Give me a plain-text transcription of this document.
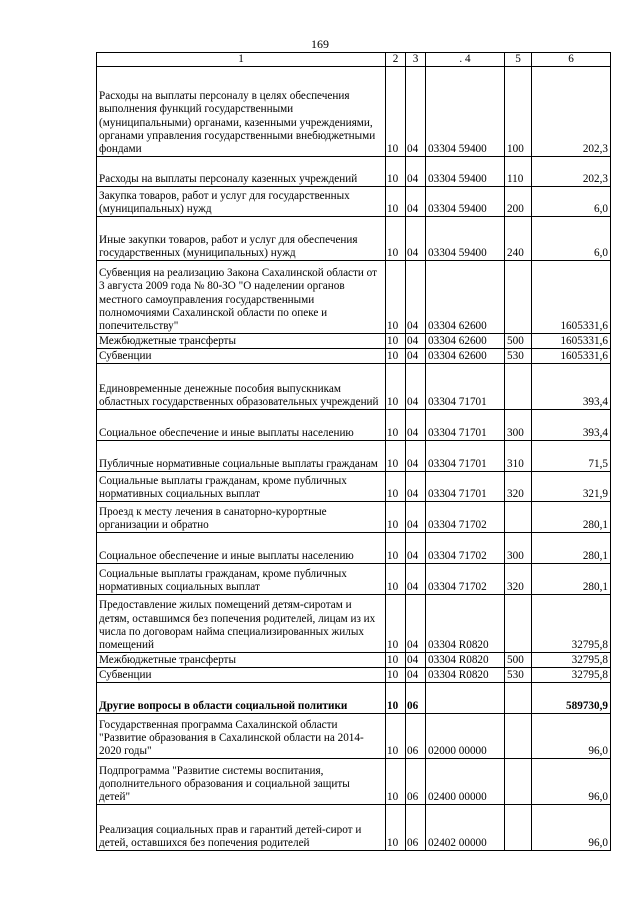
169
1	2	3	. 4	5	6
Расходы на выплаты персоналу в целях обеспечения выполнения функций государственными (муниципальными) органами, казенными учреждениями, органами управления государственными внебюджетными фондами	10	04	03304 59400	100	202,3
Расходы на выплаты персоналу казенных учреждений	10	04	03304 59400	110	202,3
Закупка товаров, работ и услуг для государственных (муниципальных) нужд	10	04	03304 59400	200	6,0
Иные закупки товаров, работ и услуг для обеспечения государственных (муниципальных) нужд	10	04	03304 59400	240	6,0
Субвенция на реализацию Закона Сахалинской области от 3 августа 2009 года № 80-ЗО "О наделении органов местного самоуправления государственными полномочиями Сахалинской области по опеке и попечительству"	10	04	03304 62600		1605331,6
Межбюджетные трансферты	10	04	03304 62600	500	1605331,6
Субвенции	10	04	03304 62600	530	1605331,6
Единовременные денежные пособия выпускникам областных государственных образовательных учреждений	10	04	03304 71701		393,4
Социальное обеспечение и иные выплаты населению	10	04	03304 71701	300	393,4
Публичные нормативные социальные выплаты гражданам	10	04	03304 71701	310	71,5
Социальные выплаты гражданам, кроме публичных нормативных социальных выплат	10	04	03304 71701	320	321,9
Проезд к месту лечения в санаторно-курортные организации и обратно	10	04	03304 71702		280,1
Социальное обеспечение и иные выплаты населению	10	04	03304 71702	300	280,1
Социальные выплаты гражданам, кроме публичных нормативных социальных выплат	10	04	03304 71702	320	280,1
Предоставление жилых помещений детям-сиротам и детям, оставшимся без попечения родителей, лицам из их числа по договорам найма специализированных жилых помещений	10	04	03304 R0820		32795,8
Межбюджетные трансферты	10	04	03304 R0820	500	32795,8
Субвенции	10	04	03304 R0820	530	32795,8
Другие вопросы в области социальной политики	10	06			589730,9
Государственная программа Сахалинской области "Развитие образования в Сахалинской области на 2014-2020 годы"	10	06	02000 00000		96,0
Подпрограмма "Развитие системы воспитания, дополнительного образования и социальной защиты детей"	10	06	02400 00000		96,0
Реализация социальных прав и гарантий детей-сирот и детей, оставшихся без попечения родителей	10	06	02402 00000		96,0
